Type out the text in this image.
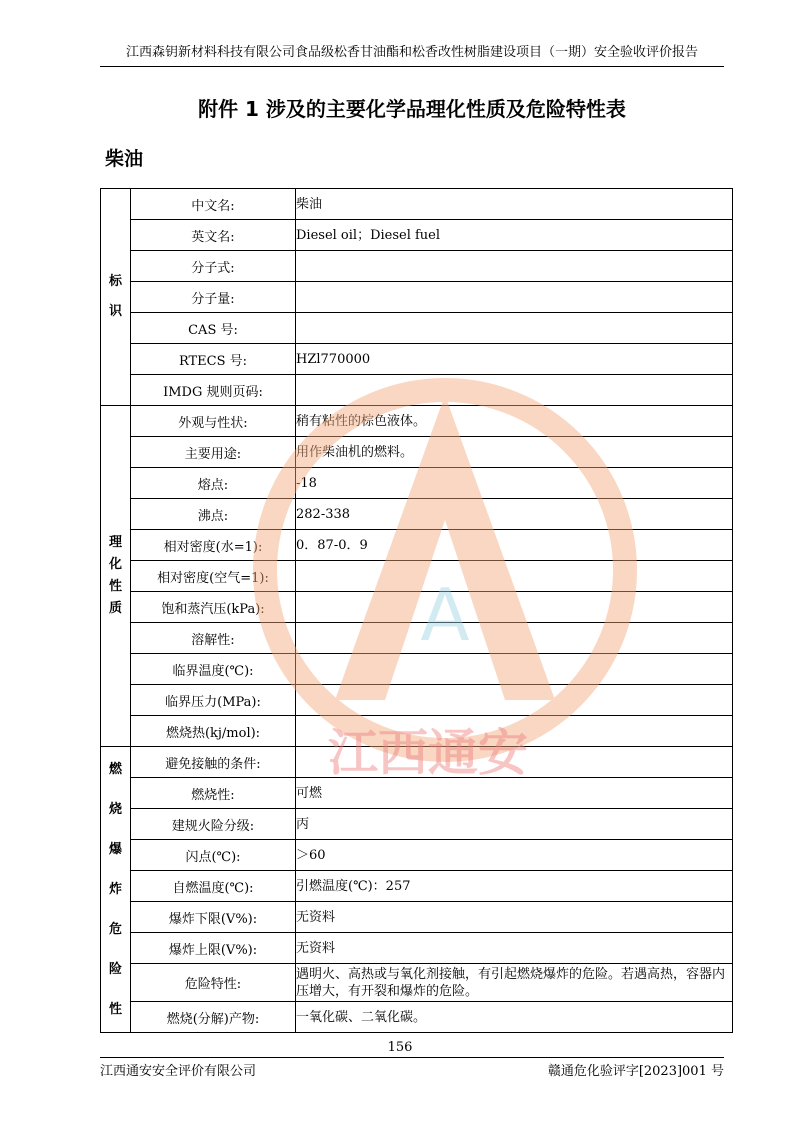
江西森钥新材料科技有限公司食品级松香甘油酯和松香改性树脂建设项目（一期）安全验收评价报告
附件 1 涉及的主要化学品理化性质及危险特性表
柴油
标识	中文名:	柴油
	英文名:	Diesel oil；Diesel fuel
	分子式:	
	分子量:	
	CAS 号:	
	RTECS 号:	HZl770000
	IMDG 规则页码:	
理化性质	外观与性状:	稍有粘性的棕色液体。
	主要用途:	用作柴油机的燃料。
	熔点:	-18
	沸点:	282-338
	相对密度(水=1):	0．87-0．9
	相对密度(空气=1):	
	饱和蒸汽压(kPa):	
	溶解性:	
	临界温度(℃):	
	临界压力(MPa):	
	燃烧热(kj/mol):	
燃烧爆炸危险性	避免接触的条件:	
	燃烧性:	可燃
	建规火险分级:	丙
	闪点(℃):	＞60
	自燃温度(℃):	引燃温度(℃)：257
	爆炸下限(V%):	无资料
	爆炸上限(V%):	无资料
	危险特性:	遇明火、高热或与氧化剂接触，有引起燃烧爆炸的危险。若遇高热，容器内压增大，有开裂和爆炸的危险。
	燃烧(分解)产物:	一氧化碳、二氧化碳。
156
江西通安安全评价有限公司	赣通危化验评字[2023]001 号
A
江西通安
